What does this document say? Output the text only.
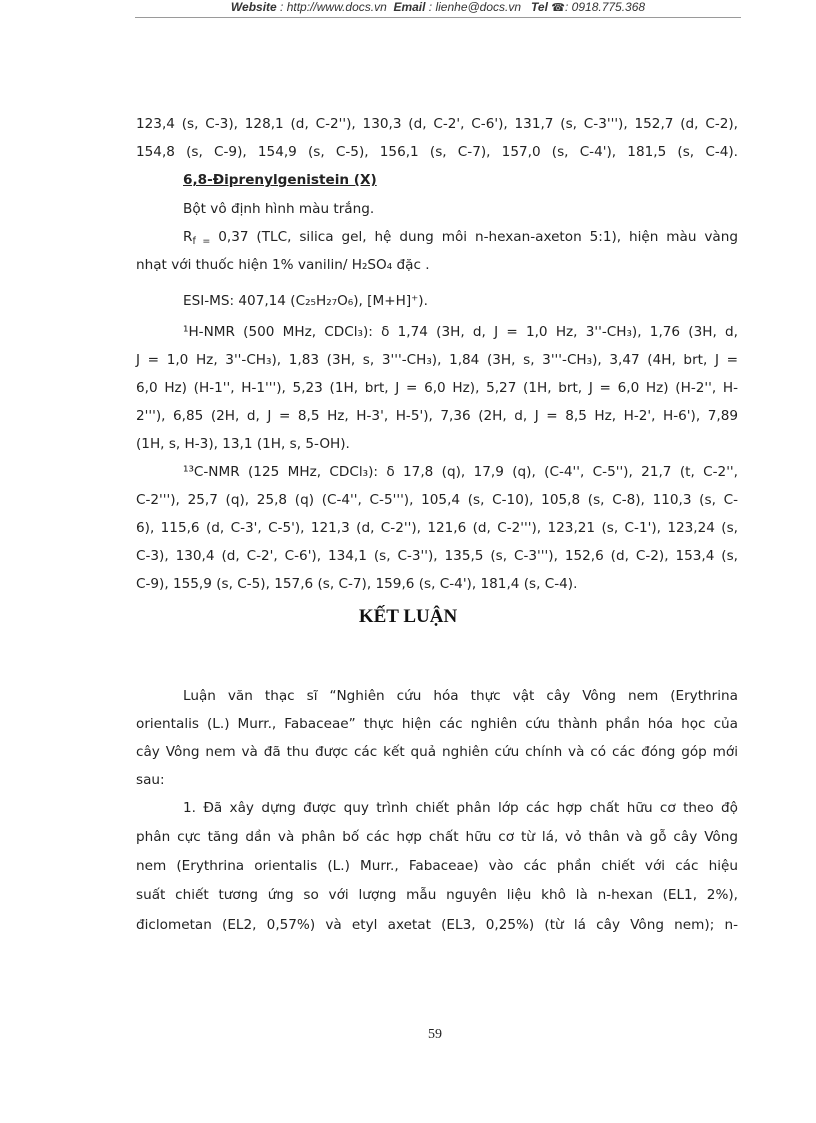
Website : http://www.docs.vn Email : lienhe@docs.vn Tel ☎: 0918.775.368
123,4 (s, C-3), 128,1 (d, C-2''), 130,3 (d, C-2', C-6'), 131,7 (s, C-3'''), 152,7 (d, C-2),
154,8 (s, C-9), 154,9 (s, C-5), 156,1 (s, C-7), 157,0 (s, C-4'), 181,5 (s, C-4).
6,8-Điprenylgenistein (X)
Bột vô định hình màu trắng.
$R_{f =}$ 0,37 (TLC, silica gel, hệ dung môi n-hexan-axeton 5:1), hiện màu vàng
nhạt với thuốc hiện 1% vanilin/ H₂SO₄ đặc .
ESI-MS: 407,14 (C₂₅H₂₇O₆), [M+H]⁺).
¹H-NMR (500 MHz, CDCl₃): δ 1,74 (3H, d, J = 1,0 Hz, 3''-CH₃), 1,76 (3H, d,
J = 1,0 Hz, 3''-CH₃), 1,83 (3H, s, 3'''-CH₃), 1,84 (3H, s, 3'''-CH₃), 3,47 (4H, brt, J =
6,0 Hz) (H-1'', H-1'''), 5,23 (1H, brt, J = 6,0 Hz), 5,27 (1H, brt, J = 6,0 Hz) (H-2'', H-
2'''), 6,85 (2H, d, J = 8,5 Hz, H-3', H-5'), 7,36 (2H, d, J = 8,5 Hz, H-2', H-6'), 7,89
(1H, s, H-3), 13,1 (1H, s, 5-OH).
¹³C-NMR (125 MHz, CDCl₃): δ 17,8 (q), 17,9 (q), (C-4'', C-5''), 21,7 (t, C-2'',
C-2'''), 25,7 (q), 25,8 (q) (C-4'', C-5'''), 105,4 (s, C-10), 105,8 (s, C-8), 110,3 (s, C-
6), 115,6 (d, C-3', C-5'), 121,3 (d, C-2''), 121,6 (d, C-2'''), 123,21 (s, C-1'), 123,24 (s,
C-3), 130,4 (d, C-2', C-6'), 134,1 (s, C-3''), 135,5 (s, C-3'''), 152,6 (d, C-2), 153,4 (s,
C-9), 155,9 (s, C-5), 157,6 (s, C-7), 159,6 (s, C-4'), 181,4 (s, C-4).
Luận văn thạc sĩ “Nghiên cứu hóa thực vật cây Vông nem (Erythrina
orientalis (L.) Murr., Fabaceae” thực hiện các nghiên cứu thành phần hóa học của
cây Vông nem và đã thu được các kết quả nghiên cứu chính và có các đóng góp mới
sau:
1. Đã xây dựng được quy trình chiết phân lớp các hợp chất hữu cơ theo độ
phân cực tăng dần và phân bố các hợp chất hữu cơ từ lá, vỏ thân và gỗ cây Vông
nem (Erythrina orientalis (L.) Murr., Fabaceae) vào các phần chiết với các hiệu
suất chiết tương ứng so với lượng mẫu nguyên liệu khô là n-hexan (EL1, 2%),
điclometan (EL2, 0,57%) và etyl axetat (EL3, 0,25%) (từ lá cây Vông nem); n-
KẾT LUẬN
59
